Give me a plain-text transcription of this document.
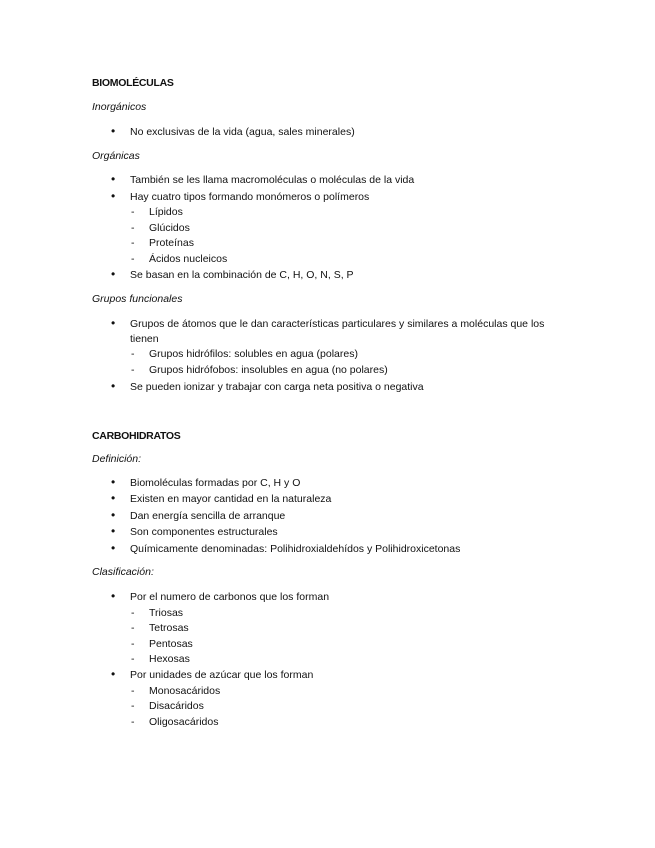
BIOMOLÉCULAS
Inorgánicos
• No exclusivas de la vida (agua, sales minerales)
Orgánicas
• También se les llama macromoléculas o moléculas de la vida
• Hay cuatro tipos formando monómeros o polímeros
- Lípidos
- Glúcidos
- Proteínas
- Ácidos nucleicos
• Se basan en la combinación de C, H, O, N, S, P
Grupos funcionales
• Grupos de átomos que le dan características particulares y similares a moléculas que los
tienen
- Grupos hidrófilos: solubles en agua (polares)
- Grupos hidrófobos: insolubles en agua (no polares)
• Se pueden ionizar y trabajar con carga neta positiva o negativa
CARBOHIDRATOS
Definición:
• Biomoléculas formadas por C, H y O
• Existen en mayor cantidad en la naturaleza
• Dan energía sencilla de arranque
• Son componentes estructurales
• Químicamente denominadas: Polihidroxialdehídos y Polihidroxicetonas
Clasificación:
• Por el numero de carbonos que los forman
- Triosas
- Tetrosas
- Pentosas
- Hexosas
• Por unidades de azúcar que los forman
- Monosacáridos
- Disacáridos
- Oligosacáridos
